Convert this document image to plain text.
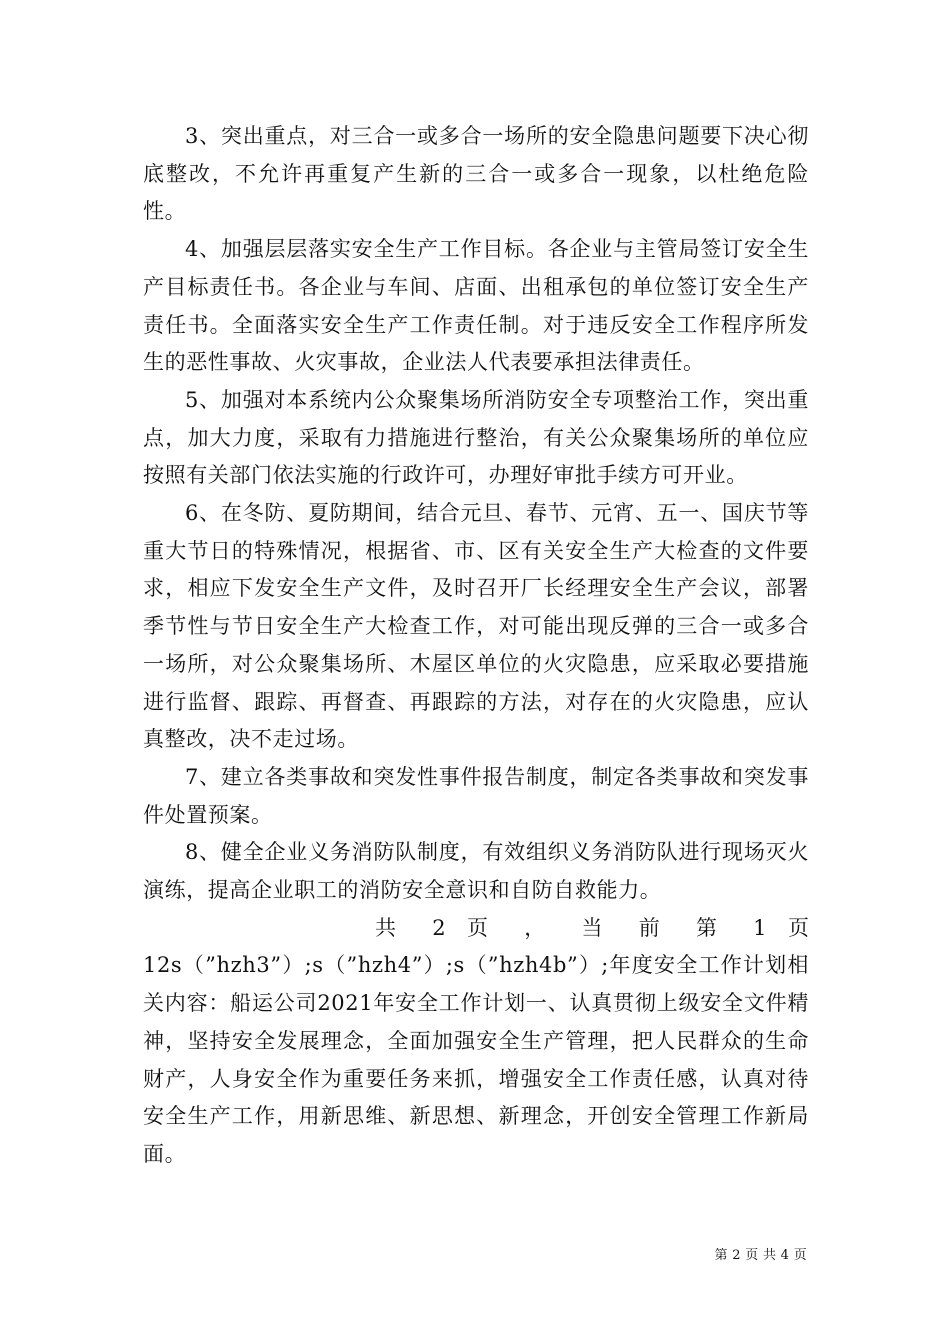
3、突出重点，对三合一或多合一场所的安全隐患问题要下决心彻底整改，不允许再重复产生新的三合一或多合一现象，以杜绝危险性。

4、加强层层落实安全生产工作目标。各企业与主管局签订安全生产目标责任书。各企业与车间、店面、出租承包的单位签订安全生产责任书。全面落实安全生产工作责任制。对于违反安全工作程序所发生的恶性事故、火灾事故，企业法人代表要承担法律责任。

5、加强对本系统内公众聚集场所消防安全专项整治工作，突出重点，加大力度，采取有力措施进行整治，有关公众聚集场所的单位应按照有关部门依法实施的行政许可，办理好审批手续方可开业。

6、在冬防、夏防期间，结合元旦、春节、元宵、五一、国庆节等重大节日的特殊情况，根据省、市、区有关安全生产大检查的文件要求，相应下发安全生产文件，及时召开厂长经理安全生产会议，部署季节性与节日安全生产大检查工作，对可能出现反弹的三合一或多合一场所，对公众聚集场所、木屋区单位的火灾隐患，应采取必要措施进行监督、跟踪、再督查、再跟踪的方法，对存在的火灾隐患，应认真整改，决不走过场。

7、建立各类事故和突发性事件报告制度，制定各类事故和突发事件处置预案。

8、健全企业义务消防队制度，有效组织义务消防队进行现场灭火演练，提高企业职工的消防安全意识和自防自救能力。

共 2 页 ， 当 前 第 1 页

12s（”hzh3”）;s（”hzh4”）;s（”hzh4b”）;年度安全工作计划相关内容：船运公司2021年安全工作计划一、认真贯彻上级安全文件精神，坚持安全发展理念，全面加强安全生产管理，把人民群众的生命财产，人身安全作为重要任务来抓，增强安全工作责任感，认真对待安全生产工作，用新思维、新思想、新理念，开创安全管理工作新局面。

第 2 页 共 4 页
